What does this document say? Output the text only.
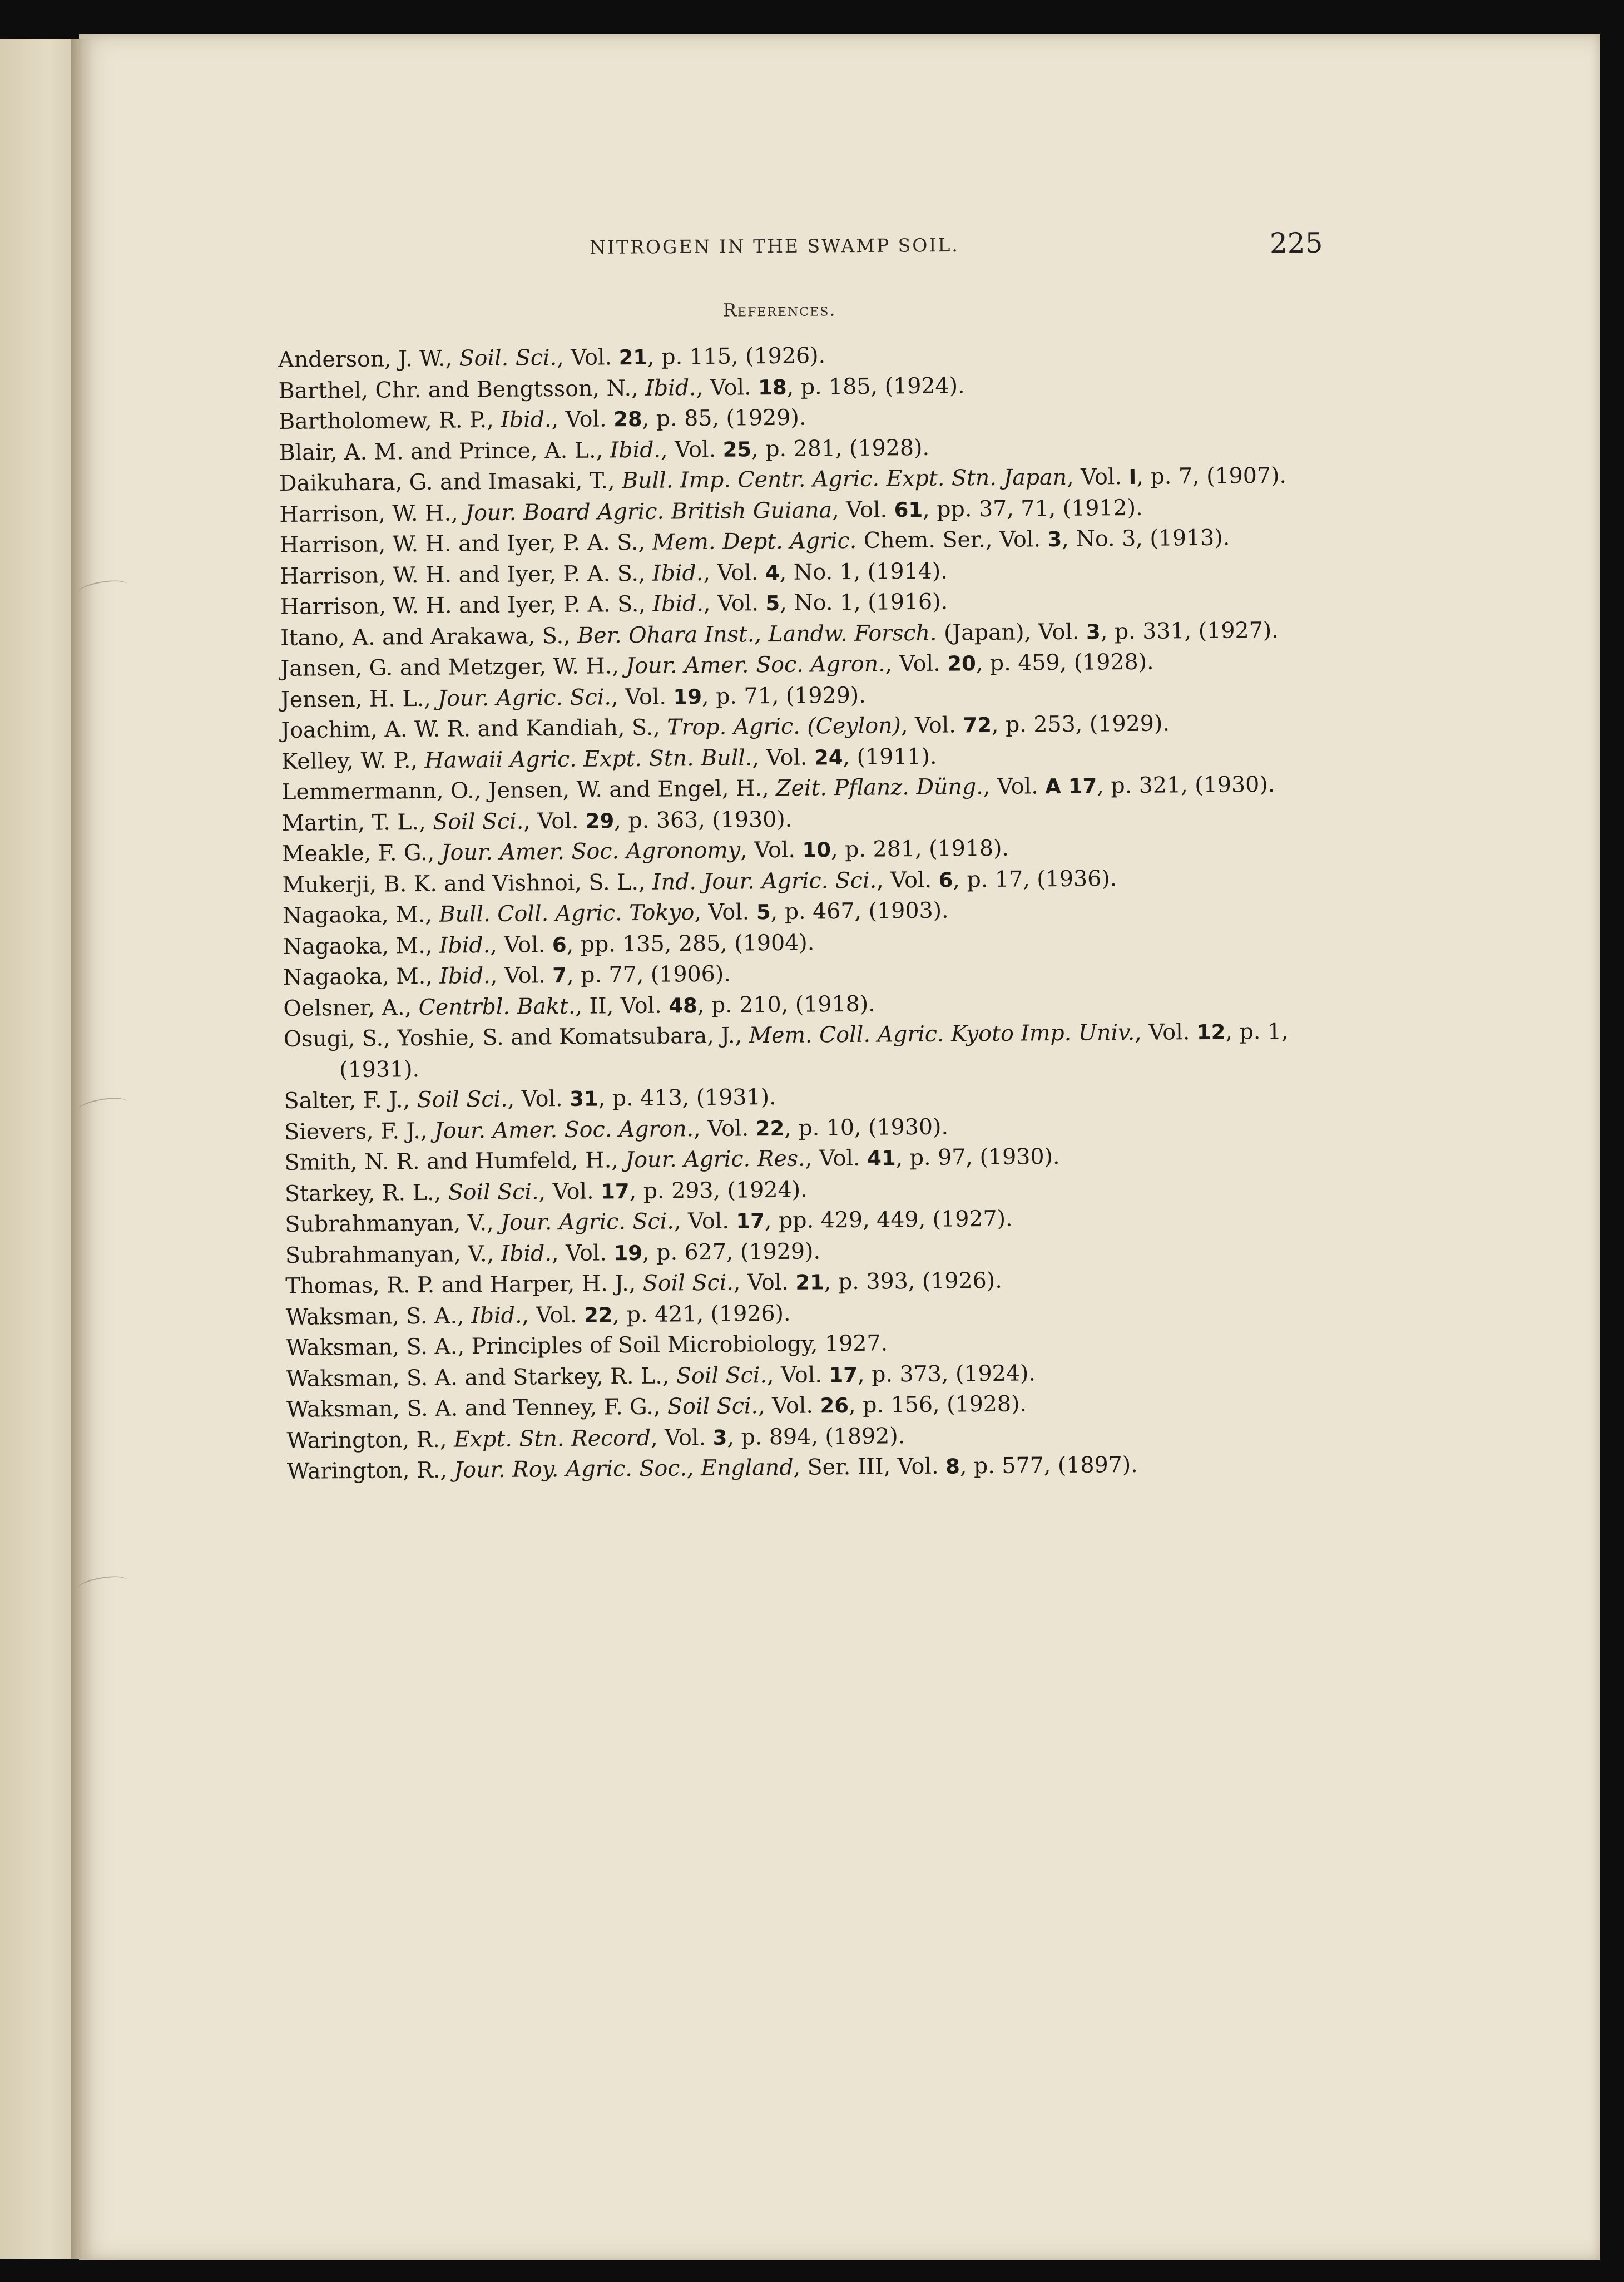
NITROGEN IN THE SWAMP SOIL.	225
References.
Anderson, J. W., Soil. Sci., Vol. 21, p. 115, (1926).
Barthel, Chr. and Bengtsson, N., Ibid., Vol. 18, p. 185, (1924).
Bartholomew, R. P., Ibid., Vol. 28, p. 85, (1929).
Blair, A. M. and Prince, A. L., Ibid., Vol. 25, p. 281, (1928).
Daikuhara, G. and Imasaki, T., Bull. Imp. Centr. Agric. Expt. Stn. Japan, Vol. I, p. 7, (1907).
Harrison, W. H., Jour. Board Agric. British Guiana, Vol. 61, pp. 37, 71, (1912).
Harrison, W. H. and Iyer, P. A. S., Mem. Dept. Agric. Chem. Ser., Vol. 3, No. 3, (1913).
Harrison, W. H. and Iyer, P. A. S., Ibid., Vol. 4, No. 1, (1914).
Harrison, W. H. and Iyer, P. A. S., Ibid., Vol. 5, No. 1, (1916).
Itano, A. and Arakawa, S., Ber. Ohara Inst., Landw. Forsch. (Japan), Vol. 3, p. 331, (1927).
Jansen, G. and Metzger, W. H., Jour. Amer. Soc. Agron., Vol. 20, p. 459, (1928).
Jensen, H. L., Jour. Agric. Sci., Vol. 19, p. 71, (1929).
Joachim, A. W. R. and Kandiah, S., Trop. Agric. (Ceylon), Vol. 72, p. 253, (1929).
Kelley, W. P., Hawaii Agric. Expt. Stn. Bull., Vol. 24, (1911).
Lemmermann, O., Jensen, W. and Engel, H., Zeit. Pflanz. Düng., Vol. A 17, p. 321, (1930).
Martin, T. L., Soil Sci., Vol. 29, p. 363, (1930).
Meakle, F. G., Jour. Amer. Soc. Agronomy, Vol. 10, p. 281, (1918).
Mukerji, B. K. and Vishnoi, S. L., Ind. Jour. Agric. Sci., Vol. 6, p. 17, (1936).
Nagaoka, M., Bull. Coll. Agric. Tokyo, Vol. 5, p. 467, (1903).
Nagaoka, M., Ibid., Vol. 6, pp. 135, 285, (1904).
Nagaoka, M., Ibid., Vol. 7, p. 77, (1906).
Oelsner, A., Centrbl. Bakt., II, Vol. 48, p. 210, (1918).
Osugi, S., Yoshie, S. and Komatsubara, J., Mem. Coll. Agric. Kyoto Imp. Univ., Vol. 12, p. 1, (1931).
Salter, F. J., Soil Sci., Vol. 31, p. 413, (1931).
Sievers, F. J., Jour. Amer. Soc. Agron., Vol. 22, p. 10, (1930).
Smith, N. R. and Humfeld, H., Jour. Agric. Res., Vol. 41, p. 97, (1930).
Starkey, R. L., Soil Sci., Vol. 17, p. 293, (1924).
Subrahmanyan, V., Jour. Agric. Sci., Vol. 17, pp. 429, 449, (1927).
Subrahmanyan, V., Ibid., Vol. 19, p. 627, (1929).
Thomas, R. P. and Harper, H. J., Soil Sci., Vol. 21, p. 393, (1926).
Waksman, S. A., Ibid., Vol. 22, p. 421, (1926).
Waksman, S. A., Principles of Soil Microbiology, 1927.
Waksman, S. A. and Starkey, R. L., Soil Sci., Vol. 17, p. 373, (1924).
Waksman, S. A. and Tenney, F. G., Soil Sci., Vol. 26, p. 156, (1928).
Warington, R., Expt. Stn. Record, Vol. 3, p. 894, (1892).
Warington, R., Jour. Roy. Agric. Soc., England, Ser. III, Vol. 8, p. 577, (1897).
